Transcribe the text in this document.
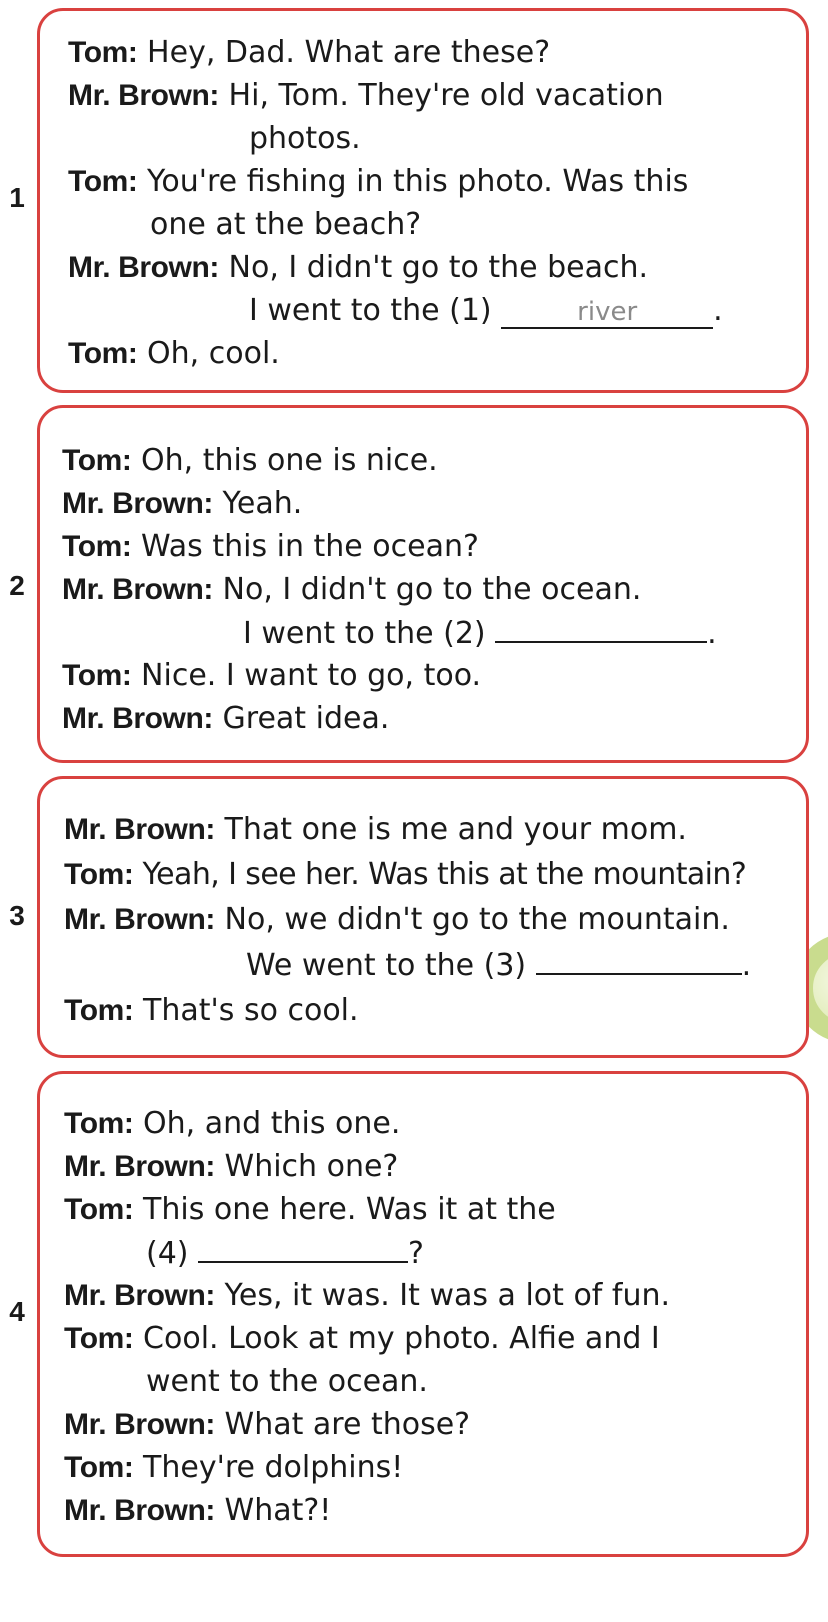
1
Tom: Hey, Dad. What are these?
Mr. Brown: Hi, Tom. They're old vacation
photos.
Tom: You're fishing in this photo. Was this
one at the beach?
Mr. Brown: No, I didn't go to the beach.
I went to the (1)	river	.
Tom: Oh, cool.
2
Tom: Oh, this one is nice.
Mr. Brown: Yeah.
Tom: Was this in the ocean?
Mr. Brown: No, I didn't go to the ocean.
I went to the (2)	.
Tom: Nice. I want to go, too.
Mr. Brown: Great idea.
3
Mr. Brown: That one is me and your mom.
Tom: Yeah, I see her. Was this at the mountain?
Mr. Brown: No, we didn't go to the mountain.
We went to the (3)	.
Tom: That's so cool.
4
Tom: Oh, and this one.
Mr. Brown: Which one?
Tom: This one here. Was it at the
(4)	?
Mr. Brown: Yes, it was. It was a lot of fun.
Tom: Cool. Look at my photo. Alfie and I
went to the ocean.
Mr. Brown: What are those?
Tom: They're dolphins!
Mr. Brown: What?!
